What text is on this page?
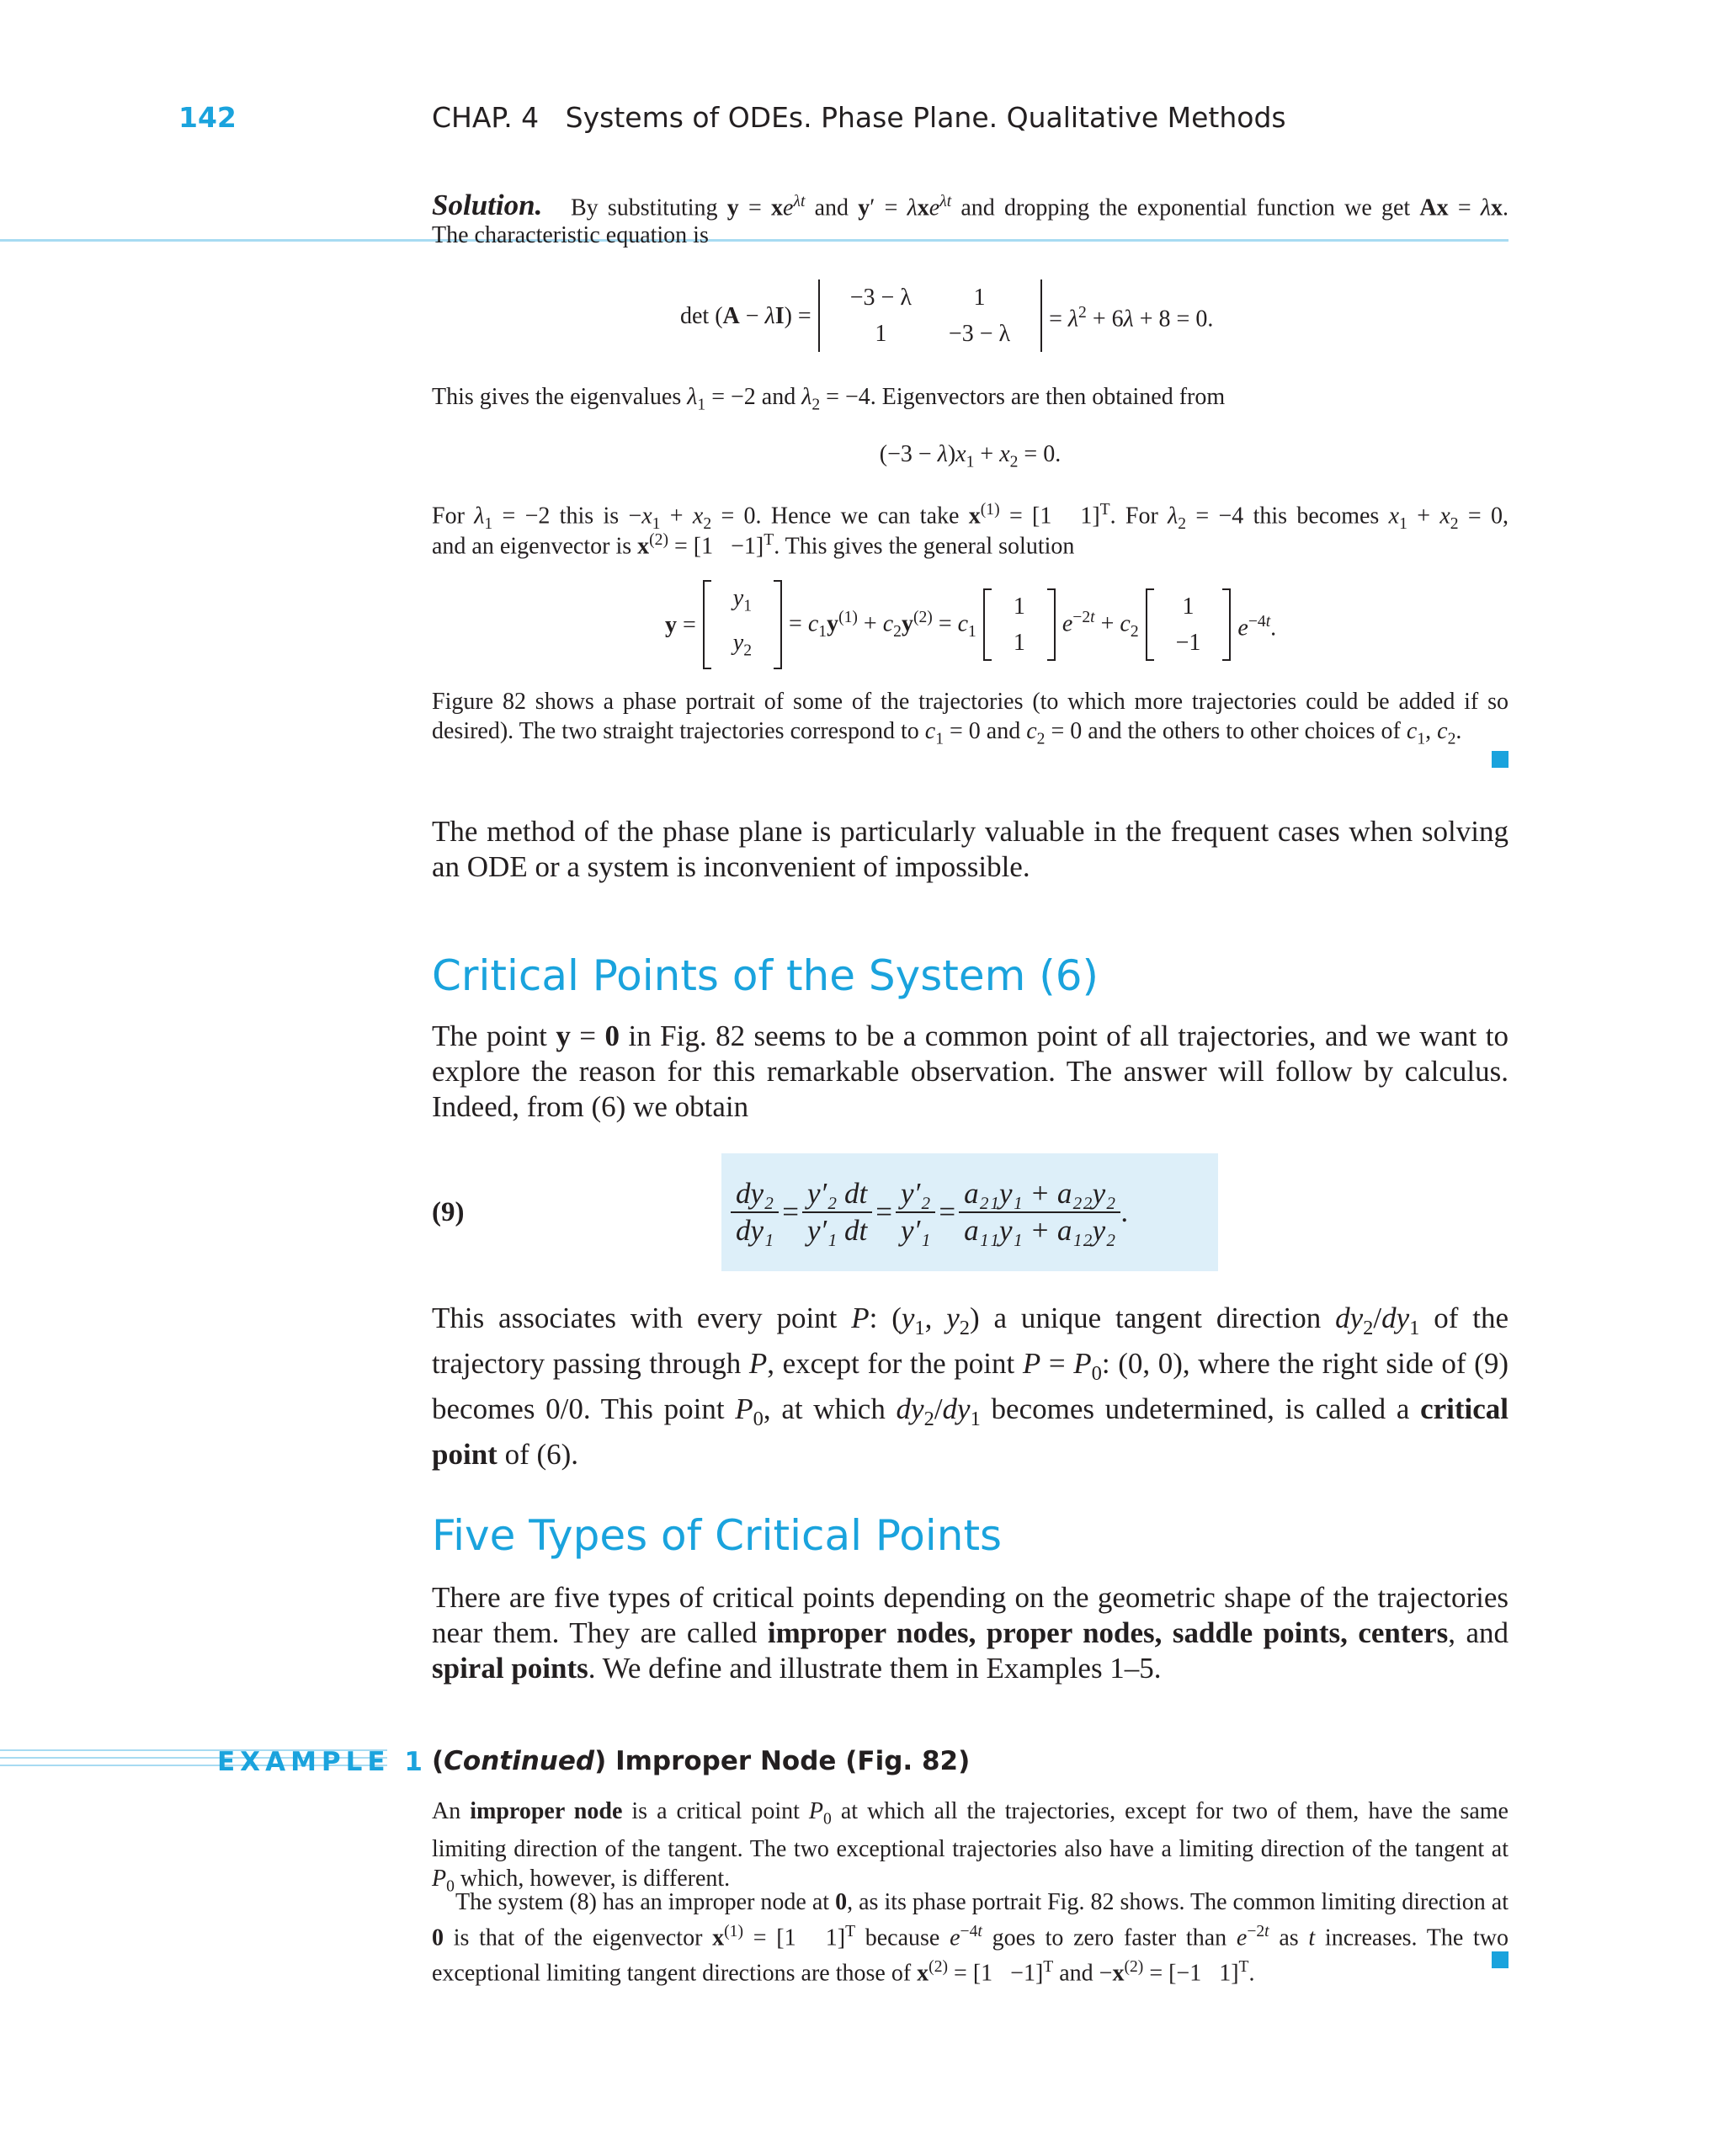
142	CHAP. 4 Systems of ODEs. Phase Plane. Qualitative Methods
Solution.   By substituting $y = xe^{\lambda t}$ and y′ = λxe$^{\lambda t}$ and dropping the exponential function we get Ax = λx.
The characteristic equation is
det (A − λI) =
−3 − λ	1
1	−3 − λ
= $\lambda^2 + 6\lambda + 8 = 0$.
This gives the eigenvalues $\lambda_1 = -2$ and $\lambda_2 = -4$. Eigenvectors are then obtained from
$(-3 - \lambda)x_1 + x_2 = 0$.
For $\lambda_1 = -2$ this is $-x_1 + x_2 = 0$. Hence we can take $x^{(1)} = [1$   1]$^T$. For $\lambda_2 = -4$ this becomes $x_1 + x_2 = 0$,
and an eigenvector is $x^{(2)} = [1 -1]^T$. This gives the general solution
y =
$y_1$
$y_2$
= $c_1y^{(1)} + c_2y^{(2)} = c_1$
1
1
$e^{-2t} + c_2$
1
−1
$e^{-4t}$.
Figure 82 shows a phase portrait of some of the trajectories (to which more trajectories could be added if so desired). The two straight trajectories correspond to $c_1 = 0$ and $c_2 = 0$ and the others to other choices of $c_1$, $c_2$.
The method of the phase plane is particularly valuable in the frequent cases when solving an ODE or a system is inconvenient of impossible.
Critical Points of the System (6)
The point y = 0 in Fig. 82 seems to be a common point of all trajectories, and we want to explore the reason for this remarkable observation. The answer will follow by calculus. Indeed, from (6) we obtain
(9)	$\frac{\text{dy₂}}{\text{dy₁}} = \frac{\text{y′₂ dt}}{\text{y′₁ dt}} = \frac{\text{y′₂}}{\text{y′₁}} = \frac{\text{a₂₁y₁ + a₂₂y₂}}{\text{a₁₁y₁ + a₁₂y₂}}$ .
This associates with every point P: ($y_1$, $y_2$) a unique tangent direction $dy_2/dy_1$ of the trajectory passing through P, except for the point $P = P_0$: (0, 0), where the right side of (9) becomes 0/0. This point $P_0$, at which $dy_2/dy_1$ becomes undetermined, is called a critical point of (6).
Five Types of Critical Points
There are five types of critical points depending on the geometric shape of the trajectories near them. They are called improper nodes, proper nodes, saddle points, centers, and spiral points. We define and illustrate them in Examples 1–5.
EXAMPLE 1 (Continued) Improper Node (Fig. 82)
An improper node is a critical point $P_0$ at which all the trajectories, except for two of them, have the same limiting direction of the tangent. The two exceptional trajectories also have a limiting direction of the tangent at $P_0$ which, however, is different.
The system (8) has an improper node at 0, as its phase portrait Fig. 82 shows. The common limiting direction at 0 is that of the eigenvector $x^{(1)} = [1$   1]$^T$ because $e^{-4t}$ goes to zero faster than $e^{-2t}$ as t increases. The two exceptional limiting tangent directions are those of $x^{(2)} = [1 -1]^T$ and $-x^{(2)} = [-1$   1]$^T$.
